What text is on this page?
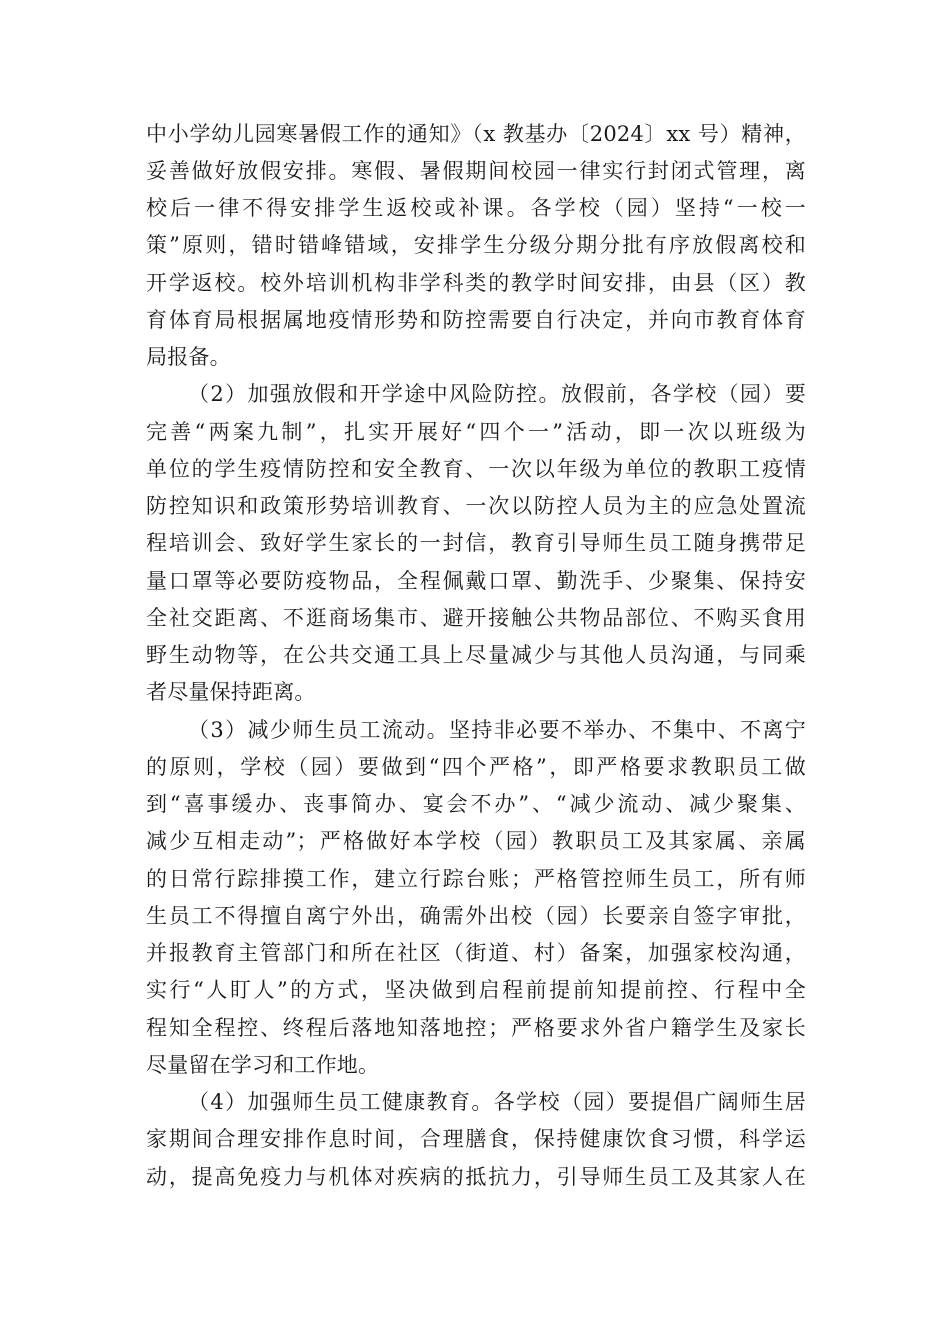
中小学幼儿园寒暑假工作的通知》（x 教基办〔2024〕xx 号）精神，
妥善做好放假安排。寒假、暑假期间校园一律实行封闭式管理，离
校后一律不得安排学生返校或补课。各学校（园）坚持“一校一
策”原则，错时错峰错域，安排学生分级分期分批有序放假离校和
开学返校。校外培训机构非学科类的教学时间安排，由县（区）教
育体育局根据属地疫情形势和防控需要自行决定，并向市教育体育
局报备。
（2）加强放假和开学途中风险防控。放假前，各学校（园）要
完善“两案九制”，扎实开展好“四个一”活动，即一次以班级为
单位的学生疫情防控和安全教育、一次以年级为单位的教职工疫情
防控知识和政策形势培训教育、一次以防控人员为主的应急处置流
程培训会、致好学生家长的一封信，教育引导师生员工随身携带足
量口罩等必要防疫物品，全程佩戴口罩、勤洗手、少聚集、保持安
全社交距离、不逛商场集市、避开接触公共物品部位、不购买食用
野生动物等，在公共交通工具上尽量减少与其他人员沟通，与同乘
者尽量保持距离。
（3）减少师生员工流动。坚持非必要不举办、不集中、不离宁
的原则，学校（园）要做到“四个严格”，即严格要求教职员工做
到“喜事缓办、丧事简办、宴会不办”、“减少流动、减少聚集、
减少互相走动”；严格做好本学校（园）教职员工及其家属、亲属
的日常行踪排摸工作，建立行踪台账；严格管控师生员工，所有师
生员工不得擅自离宁外出，确需外出校（园）长要亲自签字审批，
并报教育主管部门和所在社区（街道、村）备案，加强家校沟通，
实行“人盯人”的方式，坚决做到启程前提前知提前控、行程中全
程知全程控、终程后落地知落地控；严格要求外省户籍学生及家长
尽量留在学习和工作地。
（4）加强师生员工健康教育。各学校（园）要提倡广阔师生居
家期间合理安排作息时间，合理膳食，保持健康饮食习惯，科学运
动，提高免疫力与机体对疾病的抵抗力，引导师生员工及其家人在
